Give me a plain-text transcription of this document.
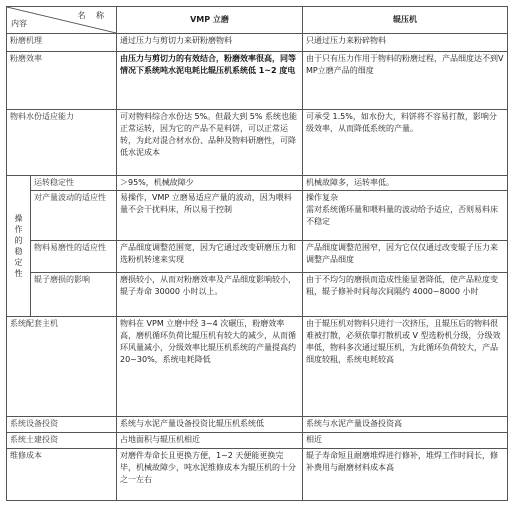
名 称
内容		VMP 立磨	辊压机
粉磨机理		通过压力与剪切力来研粉磨物料	只通过压力来粉碎物料
粉磨效率		由压力与剪切力的有效结合，粉磨效率很高，同等情况下系统吨水泥电耗比辊压机系统低 1~2 度电	由于只有压力作用于物料的粉磨过程，产品细度达不到VMP立磨产品的细度
物料水份适应能力		可对物料综合水份达 5%。但最大到 5% 系统也能正常运转，因为它的产品不是料饼，可以正常运转，为此对混合材水份、品种及物料研磨性，可降低水泥成本	可承受 1.5%，如水份大，料饼将不容易打散，影响分级效率，从而降低系统的产量。
操作的稳定性	运转稳定性	＞95%，机械故障少	机械故障多，运转率低。
	对产量波动的适应性	易操作，VMP 立磨易适应产量的波动，因为喂料量不会干扰料床，所以易于控制	操作复杂
需对系统循环量和喂料量的波动给予适应，否则易料床不稳定
	物料易磨性的适应性	产品细度调整范围宽，因为它通过改变研磨压力和选粉机转速来实现	产品细度调整范围窄，因为它仅仅通过改变辊子压力来调整产品细度
	辊子磨损的影响	磨损较小，从而对粉磨效率及产品细度影响较小，辊子寿命 30000 小时以上。	由于不均匀的磨损而造成性能显著降低，使产品粒度变粗，辊子修补时间每次间隔约 4000~8000 小时
系统配套主机		物料在 VPM 立磨中经 3~4 次碾压，粉磨效率高，磨机循环负荷比辊压机有较大的减少，从而循环风量减小，分级效率比辊压机系统的产量提高约 20~30%，系统电耗降低	由于辊压机对物料只进行一次挤压，且辊压后的物料很难被打散，必须依靠打散机或 V 型选粉机分级，分级效率低，物料多次通过辊压机，为此循环负荷较大，产品细度较粗，系统电耗较高
系统设备投资		系统与水泥产量设备投资比辊压机系统低	系统与水泥产量设备投资高
系统土建投资		占地面积与辊压机相近	相近
维修成本		对磨件寿命长且更换方便，1~2 天便能更换完毕，机械故障少，吨水泥维修成本为辊压机的十分之一左右	辊子寿命短且耐磨堆焊进行修补，堆焊工作时间长，修补费用与耐磨材料成本高
